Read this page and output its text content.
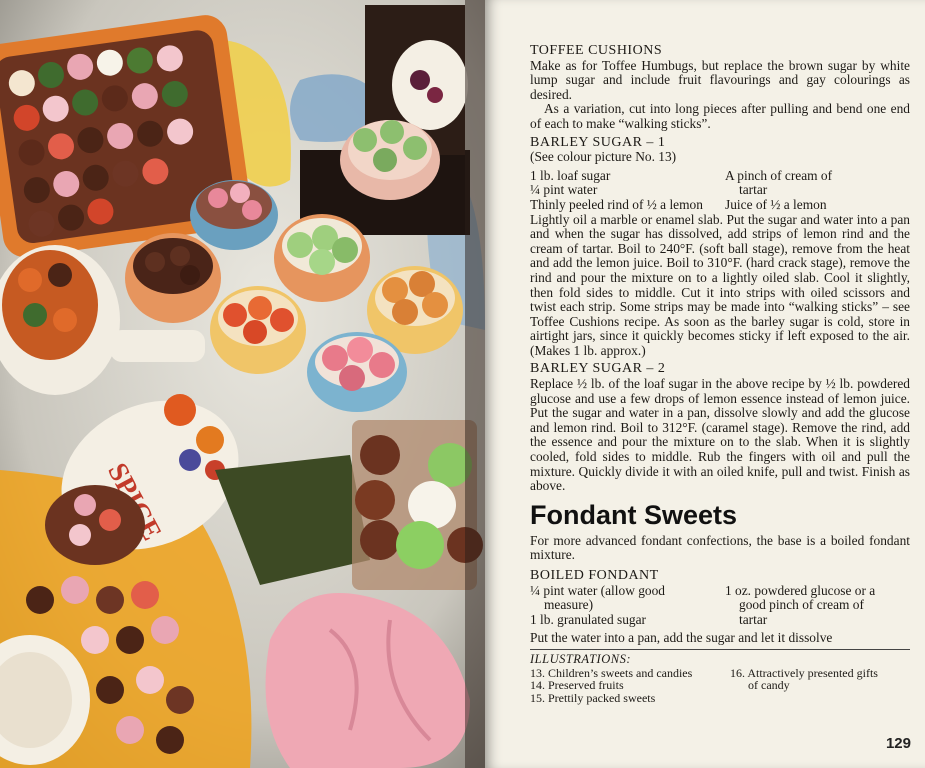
TOFFEE CUSHIONS

Make as for Toffee Humbugs, but replace the brown sugar by white lump sugar and include fruit flavourings and gay colourings as desired.

As a variation, cut into long pieces after pulling and bend one end of each to make “walking sticks”.

BARLEY SUGAR – 1
(See colour picture No. 13)
1 lb. loaf sugar
¼ pint water
Thinly peeled rind of ½ a lemon
A pinch of cream of
tartar
Juice of ½ a lemon

Lightly oil a marble or enamel slab. Put the sugar and water into a pan and when the sugar has dissolved, add strips of lemon rind and the cream of tartar. Boil to 240°F. (soft ball stage), remove from the heat and add the lemon juice. Boil to 310°F. (hard crack stage), remove the rind and pour the mixture on to a lightly oiled slab. Cool it slightly, then fold sides to middle. Cut it into strips with oiled scissors and twist each strip. Some strips may be made into “walking sticks” – see Toffee Cushions recipe. As soon as the barley sugar is cold, store in airtight jars, since it quickly becomes sticky if left exposed to the air. (Makes 1 lb. approx.)

BARLEY SUGAR – 2

Replace ½ lb. of the loaf sugar in the above recipe by ½ lb. powdered glucose and use a few drops of lemon essence instead of lemon juice. Put the sugar and water in a pan, dissolve slowly and add the glucose and lemon rind. Boil to 312°F. (caramel stage). Remove the rind, add the essence and pour the mixture on to the slab. When it is slightly cooled, fold sides to middle. Rub the fingers with oil and pull the mixture. Quickly divide it with an oiled knife, pull and twist. Finish as above.

Fondant Sweets

For more advanced fondant confections, the base is a boiled fondant mixture.

BOILED FONDANT
¼ pint water (allow good
measure)
1 lb. granulated sugar
1 oz. powdered glucose or a
good pinch of cream of
tartar

Put the water into a pan, add the sugar and let it dissolve

ILLUSTRATIONS:
13. Children’s sweets and candies
14. Preserved fruits
15. Prettily packed sweets
16. Attractively presented gifts
of candy
129
